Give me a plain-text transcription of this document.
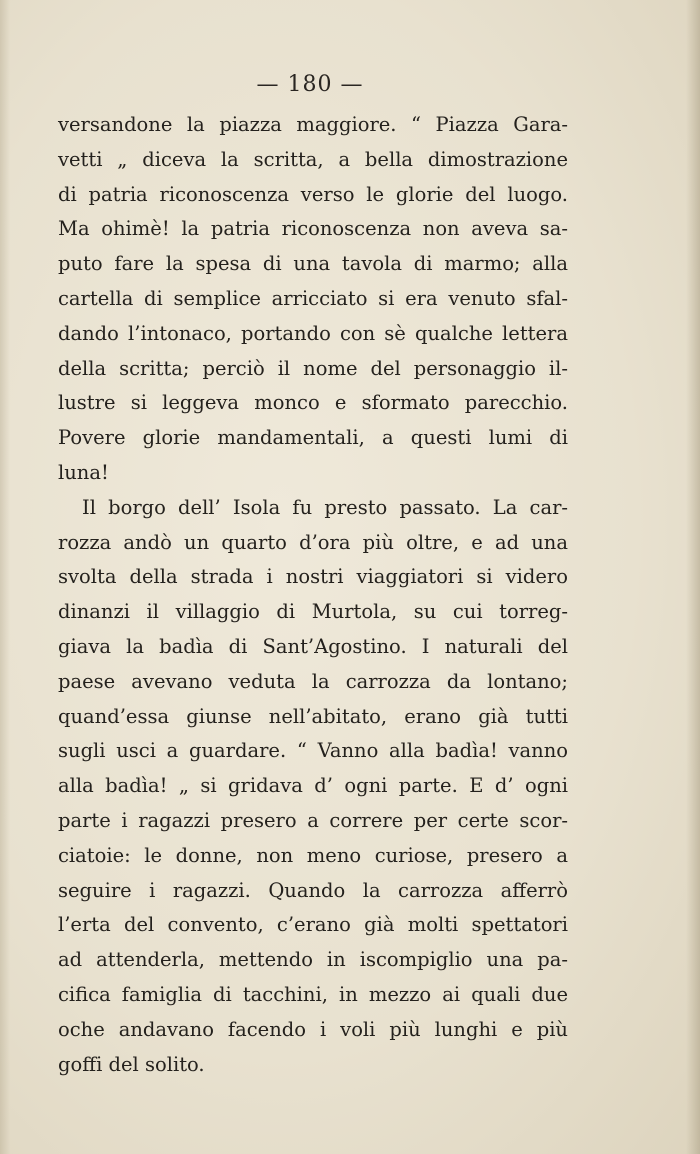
— 180 —
versandone la piazza maggiore. “ Piazza Gara-
vetti „ diceva la scritta, a bella dimostrazione
di patria riconoscenza verso le glorie del luogo.
Ma ohimè! la patria riconoscenza non aveva sa-
puto fare la spesa di una tavola di marmo; alla
cartella di semplice arricciato si era venuto sfal-
dando l’intonaco, portando con sè qualche lettera
della scritta; perciò il nome del personaggio il-
lustre si leggeva monco e sformato parecchio.
Povere glorie mandamentali, a questi lumi di
luna!
Il borgo dell’ Isola fu presto passato. La car-
rozza andò un quarto d’ora più oltre, e ad una
svolta della strada i nostri viaggiatori si videro
dinanzi il villaggio di Murtola, su cui torreg-
giava la badìa di Sant’Agostino. I naturali del
paese avevano veduta la carrozza da lontano;
quand’essa giunse nell’abitato, erano già tutti
sugli usci a guardare. “ Vanno alla badìa! vanno
alla badìa! „ si gridava d’ ogni parte. E d’ ogni
parte i ragazzi presero a correre per certe scor-
ciatoie: le donne, non meno curiose, presero a
seguire i ragazzi. Quando la carrozza afferrò
l’erta del convento, c’erano già molti spettatori
ad attenderla, mettendo in iscompiglio una pa-
cifica famiglia di tacchini, in mezzo ai quali due
oche andavano facendo i voli più lunghi e più
goffi del solito.
